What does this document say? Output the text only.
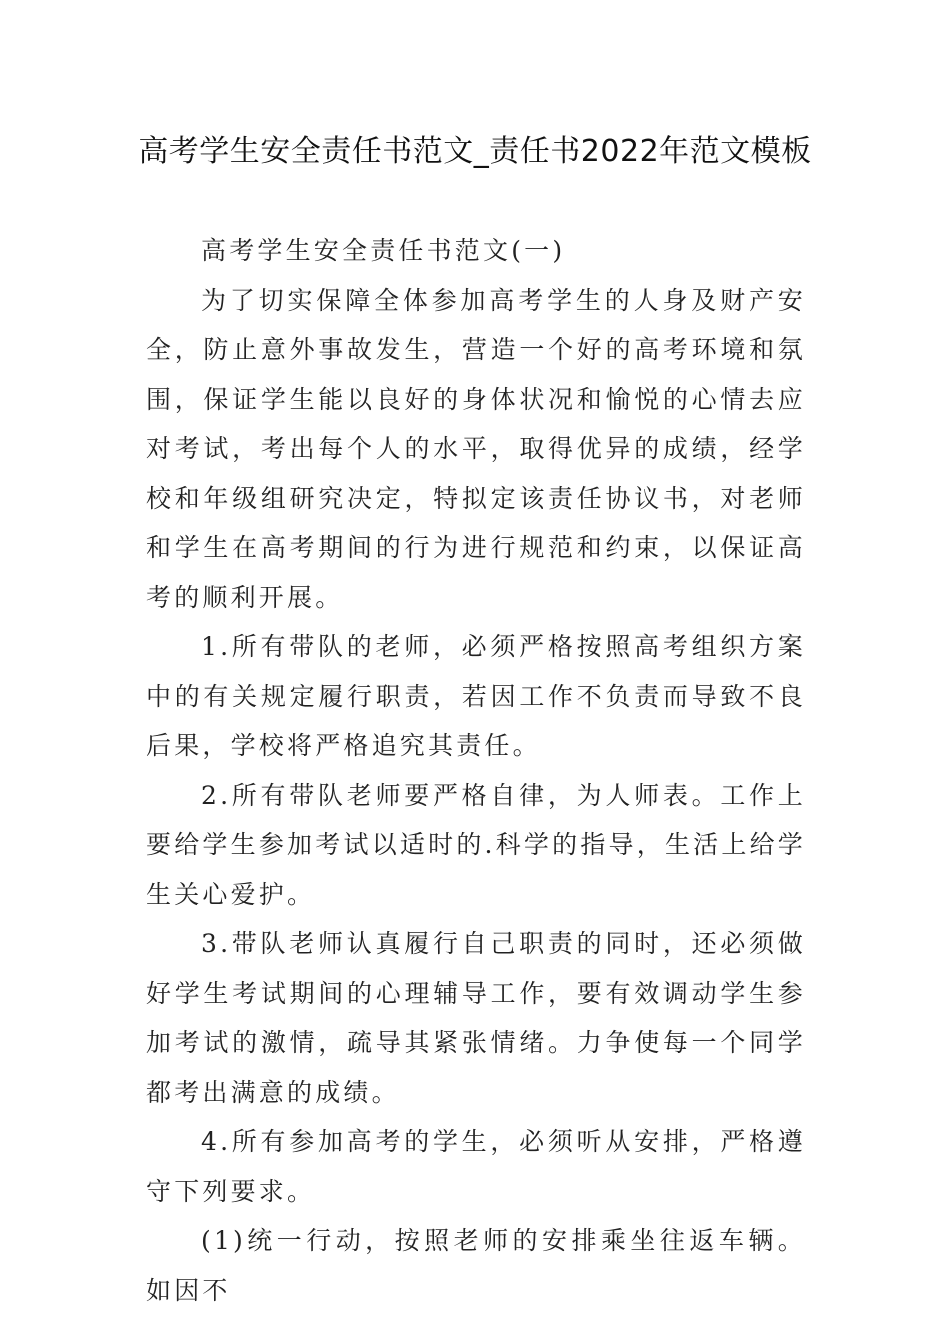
高考学生安全责任书范文_责任书2022年范文模板

高考学生安全责任书范文(一)

为了切实保障全体参加高考学生的人身及财产安全，防止意外事故发生，营造一个好的高考环境和氛围，保证学生能以良好的身体状况和愉悦的心情去应对考试，考出每个人的水平，取得优异的成绩，经学校和年级组研究决定，特拟定该责任协议书，对老师和学生在高考期间的行为进行规范和约束，以保证高考的顺利开展。

1.所有带队的老师，必须严格按照高考组织方案中的有关规定履行职责，若因工作不负责而导致不良后果，学校将严格追究其责任。

2.所有带队老师要严格自律，为人师表。工作上要给学生参加考试以适时的.科学的指导，生活上给学生关心爱护。

3.带队老师认真履行自己职责的同时，还必须做好学生考试期间的心理辅导工作，要有效调动学生参加考试的激情，疏导其紧张情绪。力争使每一个同学都考出满意的成绩。

4.所有参加高考的学生，必须听从安排，严格遵守下列要求。

(1)统一行动，按照老师的安排乘坐往返车辆。如因不
